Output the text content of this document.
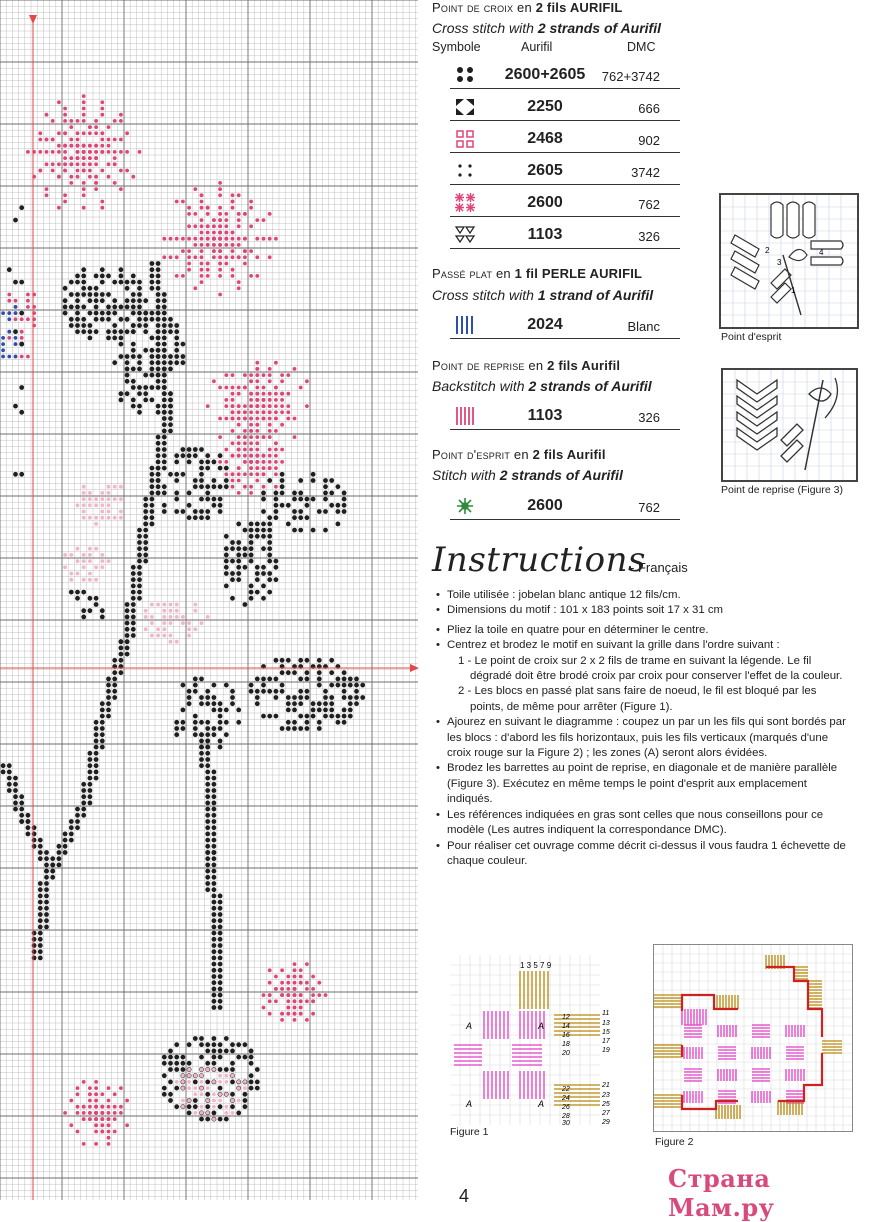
Point de croix en 2 fils AURIFIL
Cross stitch with 2 strands of Aurifil
Symbole	Aurifil	DMC
2600+2605	762+3742
2250	666
2468	902
2605	3742
2600	762
1103	326
Passé plat en 1 fil PERLE AURIFIL
Cross stitch with 1 strand of Aurifil
2024	Blanc
Point de reprise en 2 fils Aurifil
Backstitch with 2 strands of Aurifil
1103	326
Point d'esprit en 2 fils Aurifil
Stitch with 2 strands of Aurifil
2600	762
2
3
4
1
Point d'esprit
Point de reprise (Figure 3)
Instructions
- Français
• Toile utilisée : jobelan blanc antique 12 fils/cm.
• Dimensions du motif : 101 x 183 points soit 17 x 31 cm
• Pliez la toile en quatre pour en déterminer le centre.
• Centrez et brodez le motif en suivant la grille dans l'ordre suivant :
1 - Le point de croix sur 2 x 2 fils de trame en suivant la légende. Le fil dégradé doit être brodé croix par croix pour conserver l'effet de la couleur.
2 - Les blocs en passé plat sans faire de noeud, le fil est bloqué par les points, de même pour arrêter (Figure 1).
• Ajourez en suivant le diagramme : coupez un par un les fils qui sont bordés par les blocs : d'abord les fils horizontaux, puis les fils verticaux (marqués d'une croix rouge sur la Figure 2) ; les zones (A) seront alors évidées.
• Brodez les barrettes au point de reprise, en diagonale et de manière parallèle (Figure 3). Exécutez en même temps le point d'esprit aux emplacement indiqués.
• Les références indiquées en gras sont celles que nous conseillons pour ce modèle (Les autres indiquent la correspondance DMC).
• Pour réaliser cet ouvrage comme décrit ci-dessus il vous faudra 1 échevette de chaque couleur.
1 3 5 7 9
A	A
A	A
11
13
15
17
19
21
23
25
27
29
12
14
16
18
20
22
24
26
28
30
Figure 1
Figure 2
4
Страна Мам.ру
